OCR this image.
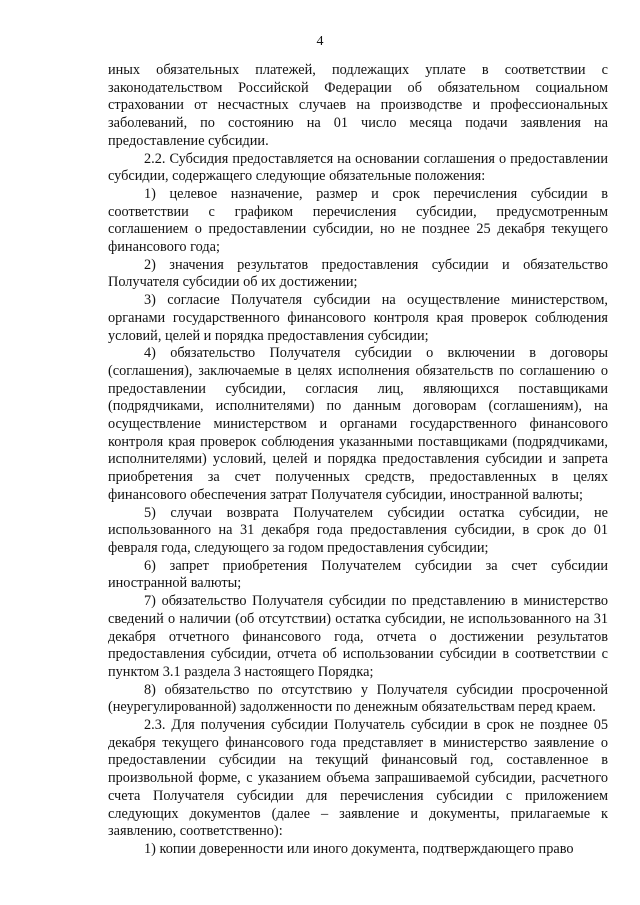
4

иных обязательных платежей, подлежащих уплате в соответствии с законодательством Российской Федерации об обязательном социальном страховании от несчастных случаев на производстве и профессиональных заболеваний, по состоянию на 01 число месяца подачи заявления на предоставление субсидии.

2.2. Субсидия предоставляется на основании соглашения о предоставлении субсидии, содержащего следующие обязательные положения:

1) целевое назначение, размер и срок перечисления субсидии в соответствии с графиком перечисления субсидии, предусмотренным соглашением о предоставлении субсидии, но не позднее 25 декабря текущего финансового года;

2) значения результатов предоставления субсидии и обязательство Получателя субсидии об их достижении;

3) согласие Получателя субсидии на осуществление министерством, органами государственного финансового контроля края проверок соблюдения условий, целей и порядка предоставления субсидии;

4) обязательство Получателя субсидии о включении в договоры (соглашения), заключаемые в целях исполнения обязательств по соглашению о предоставлении субсидии, согласия лиц, являющихся поставщиками (подрядчиками, исполнителями) по данным договорам (соглашениям), на осуществление министерством и органами государственного финансового контроля края проверок соблюдения указанными поставщиками (подрядчиками, исполнителями) условий, целей и порядка предоставления субсидии и запрета приобретения за счет полученных средств, предоставленных в целях финансового обеспечения затрат Получателя субсидии, иностранной валюты;

5) случаи возврата Получателем субсидии остатка субсидии, не использованного на 31 декабря года предоставления субсидии, в срок до 01 февраля года, следующего за годом предоставления субсидии;

6) запрет приобретения Получателем субсидии за счет субсидии иностранной валюты;

7) обязательство Получателя субсидии по представлению в министерство сведений о наличии (об отсутствии) остатка субсидии, не использованного на 31 декабря отчетного финансового года, отчета о достижении результатов предоставления субсидии, отчета об использовании субсидии в соответствии с пунктом 3.1 раздела 3 настоящего Порядка;

8) обязательство по отсутствию у Получателя субсидии просроченной (неурегулированной) задолженности по денежным обязательствам перед краем.

2.3. Для получения субсидии Получатель субсидии в срок не позднее 05 декабря текущего финансового года представляет в министерство заявление о предоставлении субсидии на текущий финансовый год, составленное в произвольной форме, с указанием объема запрашиваемой субсидии, расчетного счета Получателя субсидии для перечисления субсидии с приложением следующих документов (далее – заявление и документы, прилагаемые к заявлению, соответственно):

1) копии доверенности или иного документа, подтверждающего право
